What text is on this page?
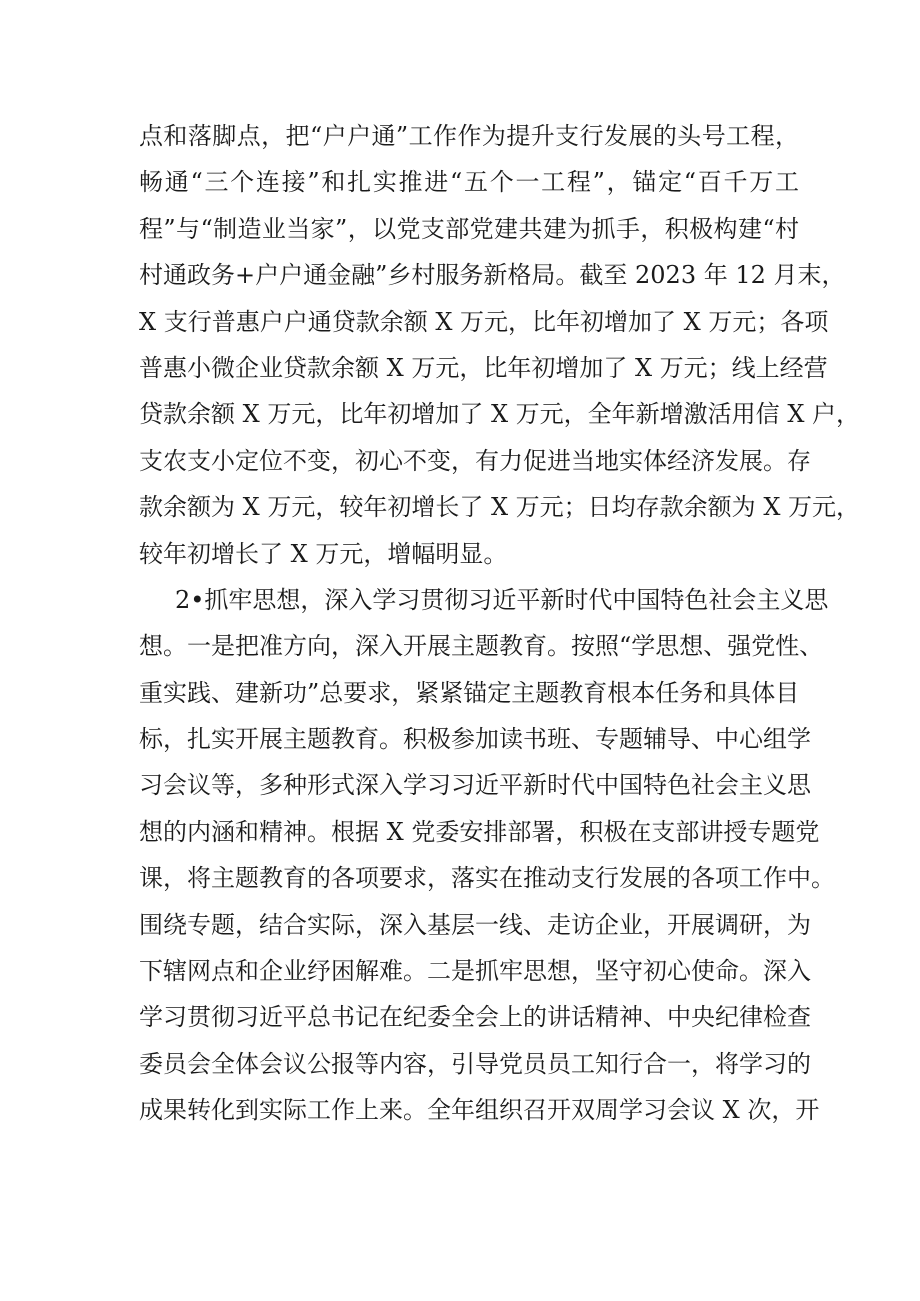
点和落脚点，把“户户通”工作作为提升支行发展的头号工程，
畅通“三个连接”和扎实推进“五个一工程”，锚定“百千万工
程”与“制造业当家”，以党支部党建共建为抓手，积极构建“村
村通政务+户户通金融”乡村服务新格局。截至 2023 年 12 月末，
X 支行普惠户户通贷款余额 X 万元，比年初增加了 X 万元；各项
普惠小微企业贷款余额 X 万元，比年初增加了 X 万元；线上经营
贷款余额 X 万元，比年初增加了 X 万元，全年新增激活用信 X 户，
支农支小定位不变，初心不变，有力促进当地实体经济发展。存
款余额为 X 万元，较年初增长了 X 万元；日均存款余额为 X 万元，
较年初增长了 X 万元，增幅明显。
2•抓牢思想，深入学习贯彻习近平新时代中国特色社会主义思
想。一是把准方向，深入开展主题教育。按照“学思想、强党性、
重实践、建新功”总要求，紧紧锚定主题教育根本任务和具体目
标，扎实开展主题教育。积极参加读书班、专题辅导、中心组学
习会议等，多种形式深入学习习近平新时代中国特色社会主义思
想的内涵和精神。根据 X 党委安排部署，积极在支部讲授专题党
课，将主题教育的各项要求，落实在推动支行发展的各项工作中。
围绕专题，结合实际，深入基层一线、走访企业，开展调研，为
下辖网点和企业纾困解难。二是抓牢思想，坚守初心使命。深入
学习贯彻习近平总书记在纪委全会上的讲话精神、中央纪律检查
委员会全体会议公报等内容，引导党员员工知行合一，将学习的
成果转化到实际工作上来。全年组织召开双周学习会议 X 次，开
